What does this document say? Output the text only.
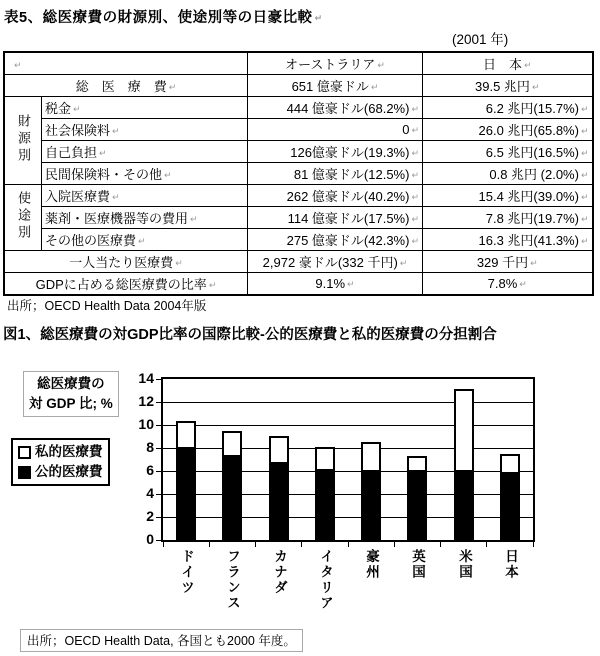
表5、総医療費の財源別、使途別等の日豪比較 ↵
(2001 年)
↵	オーストラリア ↵	日　本 ↵
総　医　療　費 ↵		651 億豪ドル ↵	39.5 兆円 ↵
財源別	税金 ↵	444 億豪ドル(68.2%) ↵	6.2 兆円(15.7%) ↵
	社会保険料 ↵	0 ↵	26.0 兆円(65.8%) ↵
	自己負担 ↵	126億豪ドル(19.3%) ↵	6.5 兆円(16.5%) ↵
	民間保険料・その他 ↵	81 億豪ドル(12.5%) ↵	0.8 兆円 (2.0%) ↵
使途別	入院医療費 ↵	262 億豪ドル(40.2%) ↵	15.4 兆円(39.0%) ↵
	薬剤・医療機器等の費用 ↵	114 億豪ドル(17.5%) ↵	7.8 兆円(19.7%) ↵
	その他の医療費 ↵	275 億豪ドル(42.3%) ↵	16.3 兆円(41.3%) ↵
一人当たり医療費 ↵		2,972 豪ドル(332 千円) ↵	329 千円 ↵
GDPに占める総医療費の比率 ↵		9.1% ↵	7.8% ↵
出所；OECD Health Data 2004年版
図1、総医療費の対GDP比率の国際比較-公的医療費と私的医療費の分担割合
総医療費の
対 GDP 比; %
私的医療費
公的医療費
0
2
4
6
8
10
12
14
ドイツ フランス カナダ イタリア 豪州 英国 米国 日本
出所；OECD Health Data, 各国とも2000 年度。
